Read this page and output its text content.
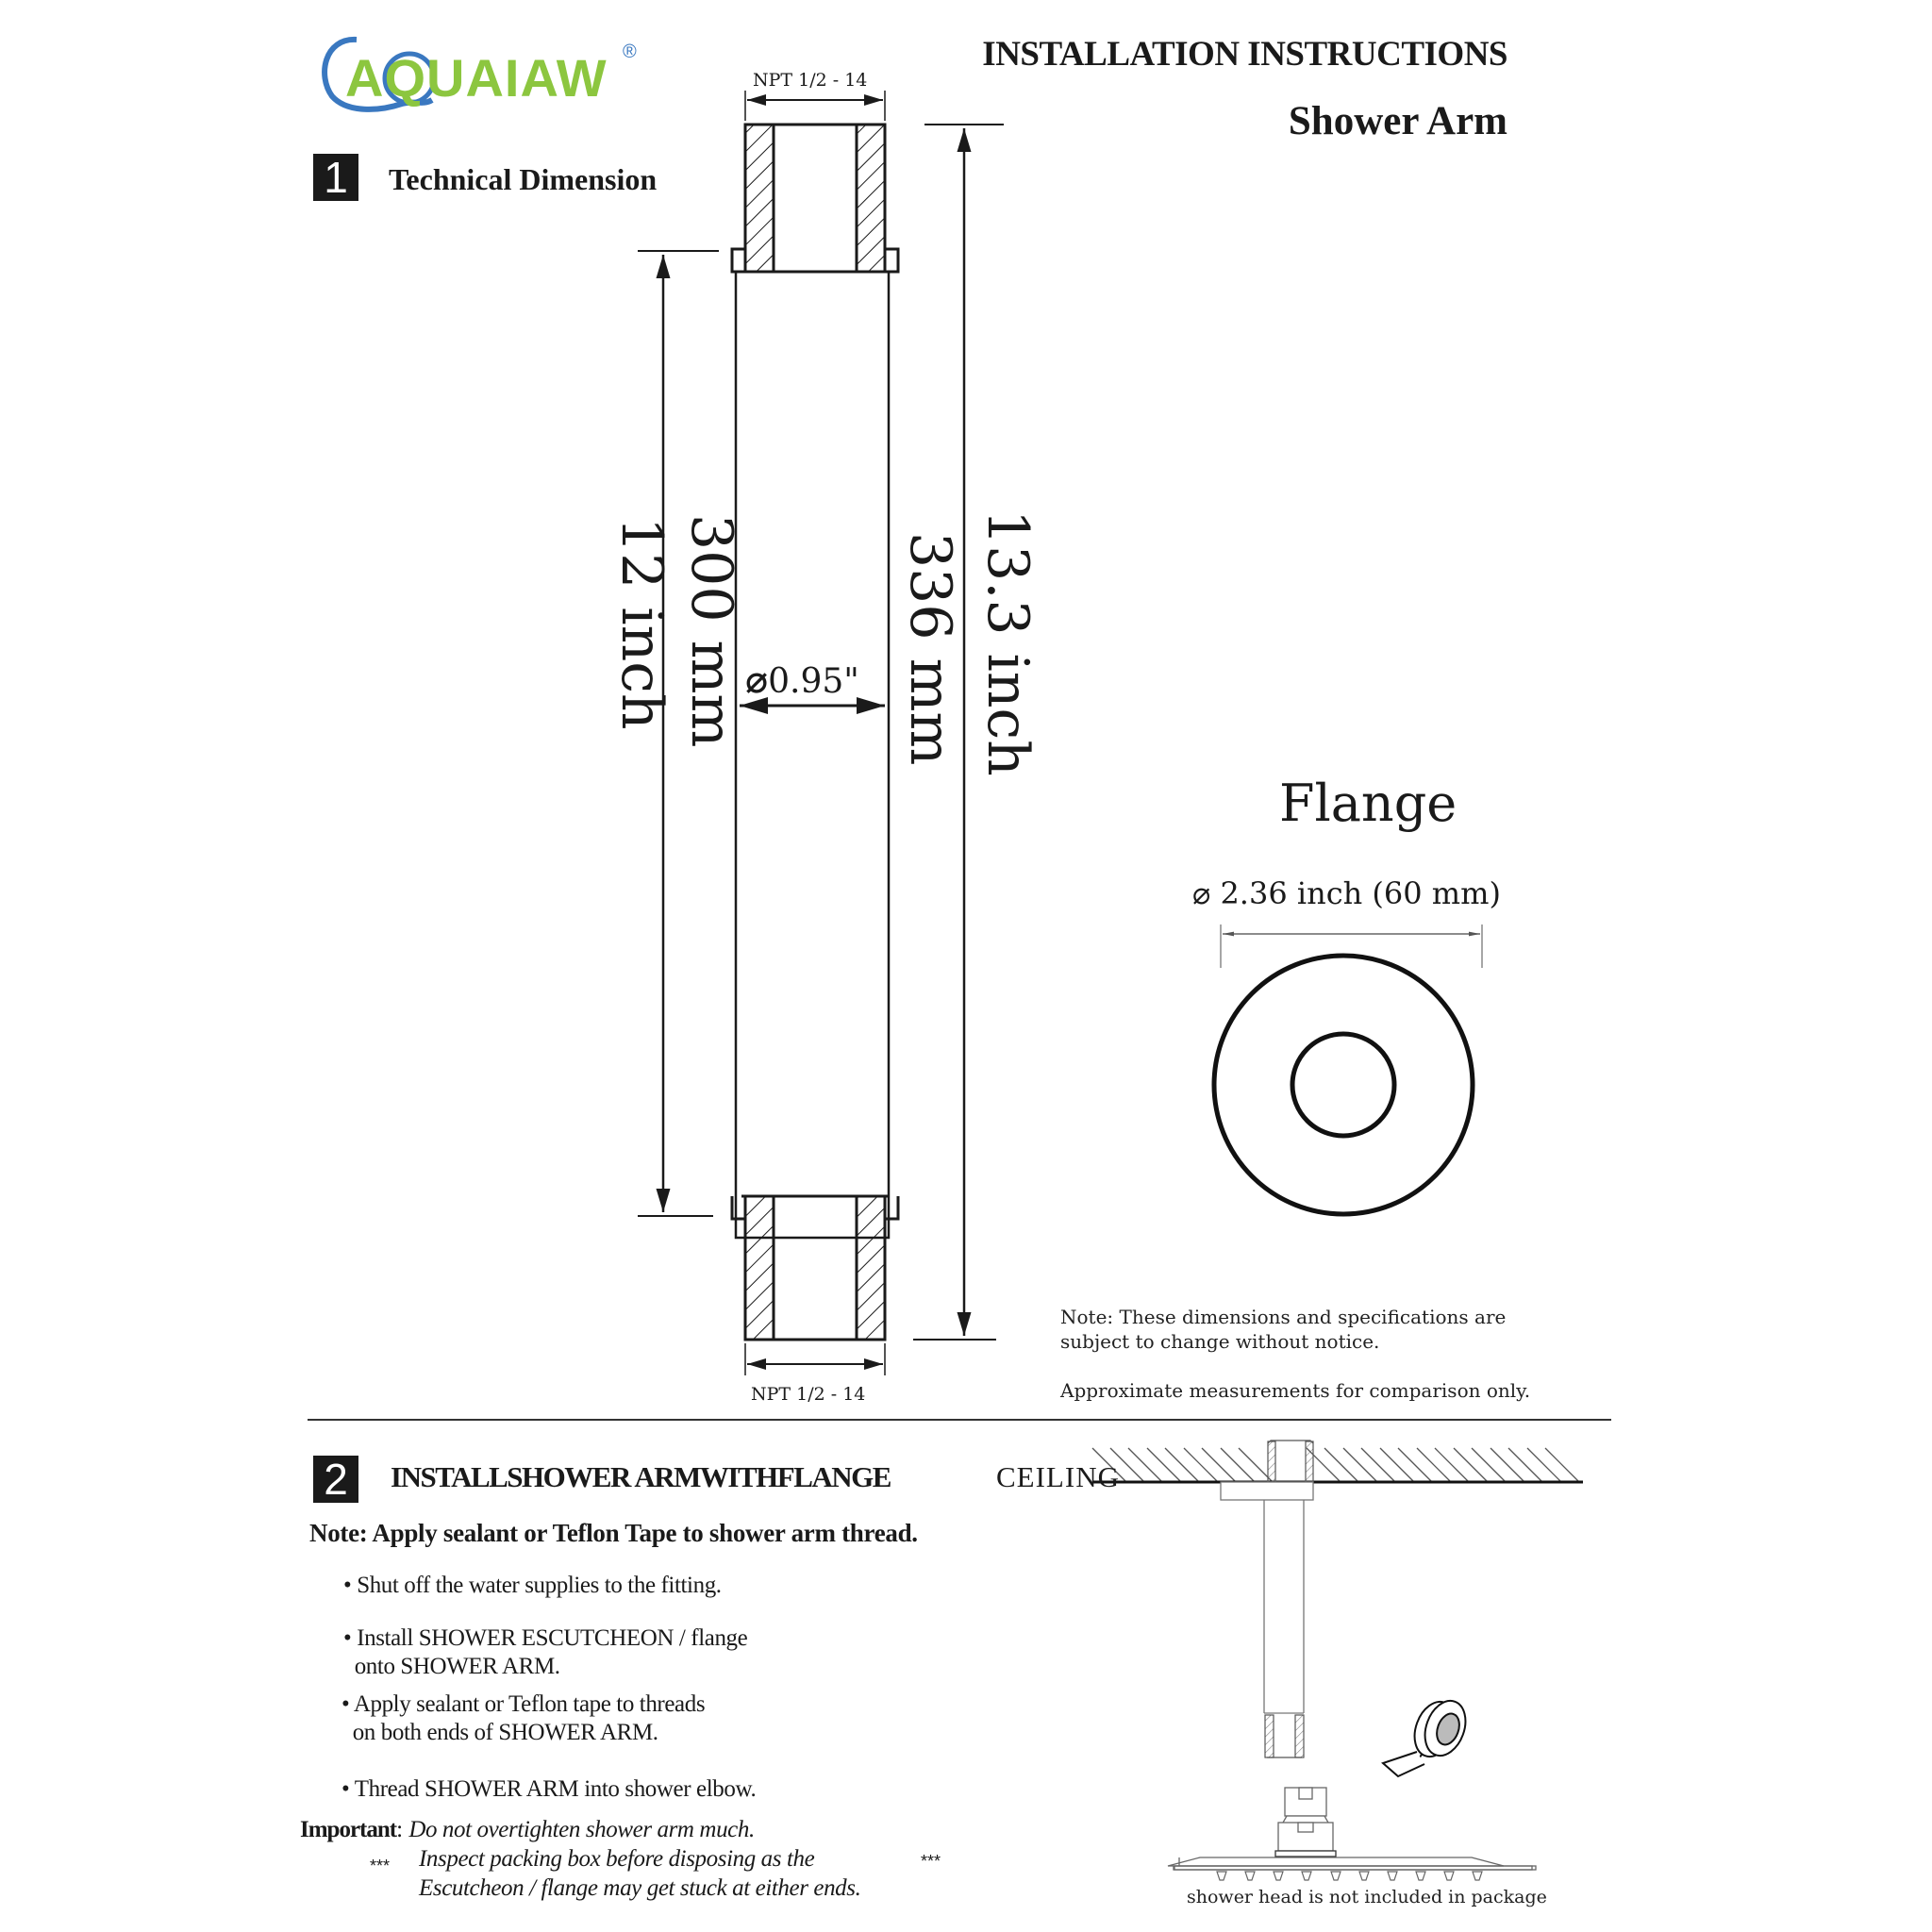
AQUAIAW ®	INSTALLATION INSTRUCTIONS
Shower Arm
1	Technical Dimension
NPT 1/2 - 14
NPT 1/2 - 14
12 inch 300 mm	336 mm 13.3 inch
⌀0.95"
Flange
⌀ 2.36 inch (60 mm)
Note: These dimensions and specifications are
subject to change without notice.
Approximate measurements for comparison only.
2	INSTALLSHOWER ARMWITHFLANGE
Note: Apply sealant or Teflon Tape to shower arm thread.
• Shut off the water supplies to the fitting.
• Install SHOWER ESCUTCHEON / flange
onto SHOWER ARM.
• Apply sealant or Teflon tape to threads
on both ends of SHOWER ARM.
• Thread SHOWER ARM into shower elbow.
Important: Do not overtighten shower arm much.
Inspect packing box before disposing as the
Escutcheon / flange may get stuck at either ends.
***	***
CEILING
shower head is not included in package
